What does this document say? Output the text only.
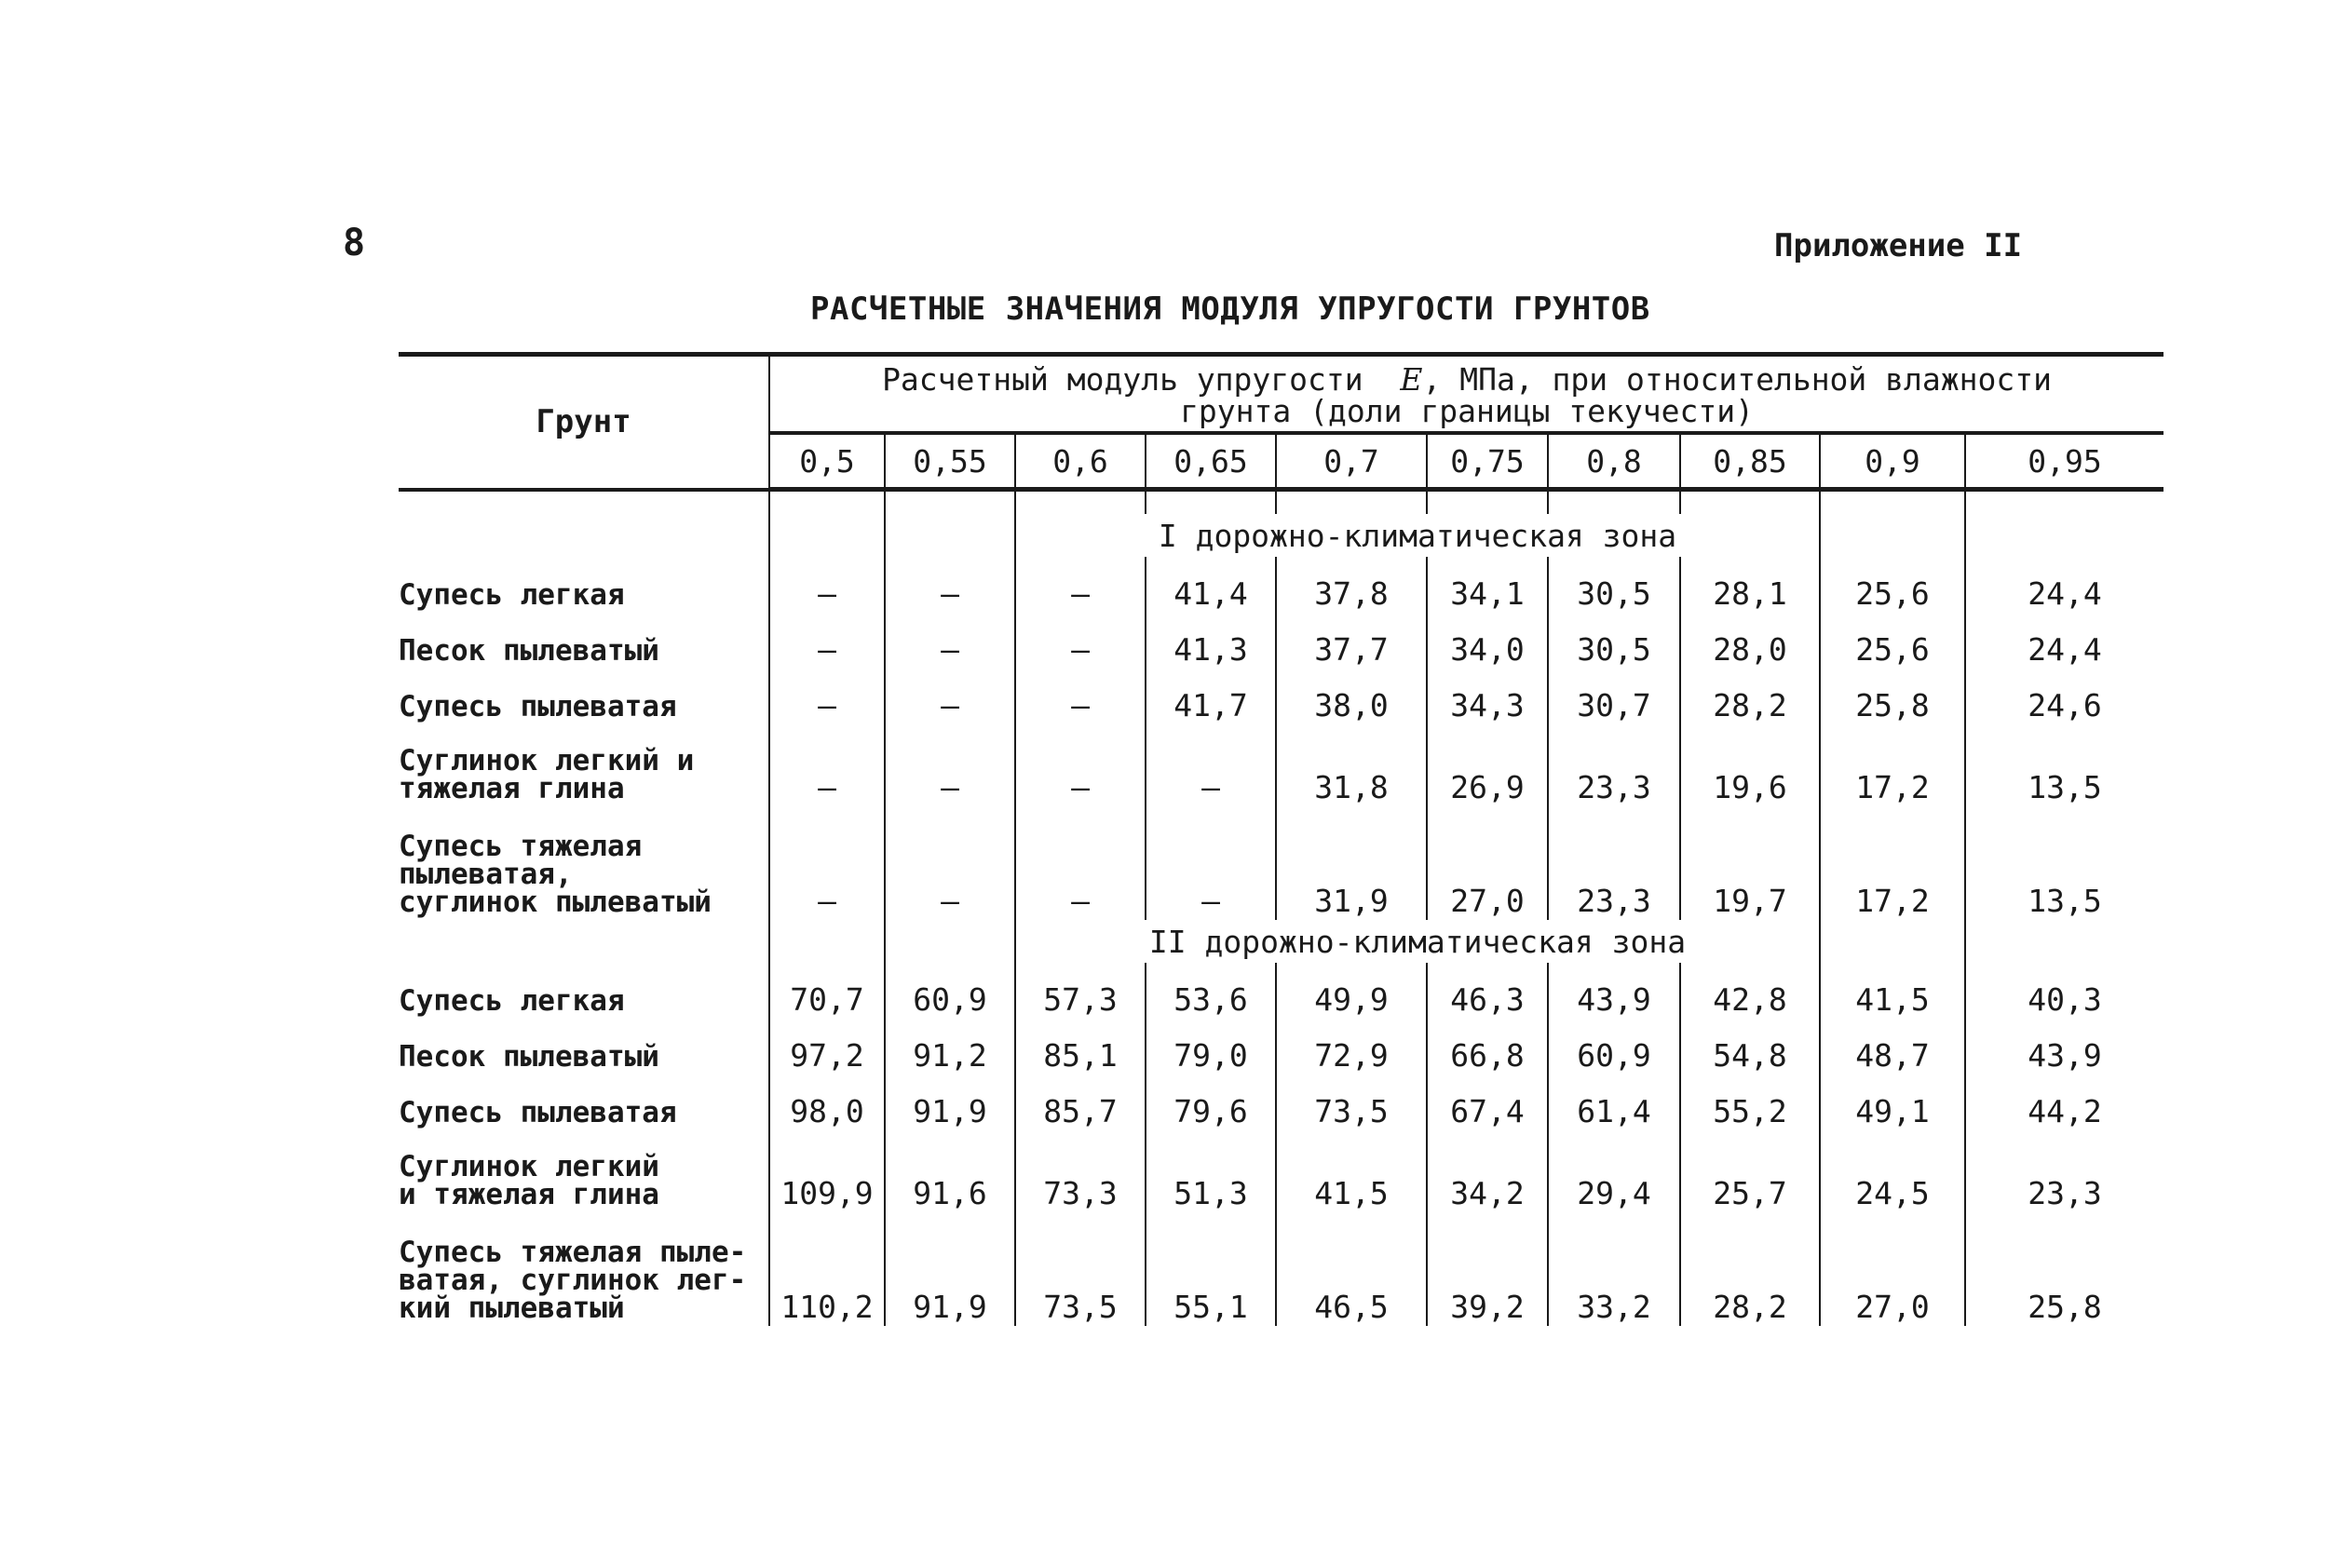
8	Приложение II
РАСЧЕТНЫЕ ЗНАЧЕНИЯ МОДУЛЯ УПРУГОСТИ ГРУНТОВ
Грунт	Расчетный модуль упругости E, МПа, при относительной влажности
грунта (доли границы текучести)									
	0,5	0,55	0,6	0,65	0,7	0,75	0,8	0,85	0,9	0,95

			I дорожно-климатическая зона							
Супесь легкая	–	–	–	41,4	37,8	34,1	30,5	28,1	25,6	24,4
Песок пылеватый	–	–	–	41,3	37,7	34,0	30,5	28,0	25,6	24,4
Супесь пылеватая	–	–	–	41,7	38,0	34,3	30,7	28,2	25,8	24,6
Суглинок легкий и
тяжелая глина	–	–	–	–	31,8	26,9	23,3	19,6	17,2	13,5
Супесь тяжелая
пылеватая,
суглинок пылеватый	–	–	–	–	31,9	27,0	23,3	19,7	17,2	13,5
			II дорожно-климатическая зона							
Супесь легкая	70,7	60,9	57,3	53,6	49,9	46,3	43,9	42,8	41,5	40,3
Песок пылеватый	97,2	91,2	85,1	79,0	72,9	66,8	60,9	54,8	48,7	43,9
Супесь пылеватая	98,0	91,9	85,7	79,6	73,5	67,4	61,4	55,2	49,1	44,2
Суглинок легкий
и тяжелая глина	109,9	91,6	73,3	51,3	41,5	34,2	29,4	25,7	24,5	23,3
Супесь тяжелая пыле-
ватая, суглинок лег-
кий пылеватый	110,2	91,9	73,5	55,1	46,5	39,2	33,2	28,2	27,0	25,8
